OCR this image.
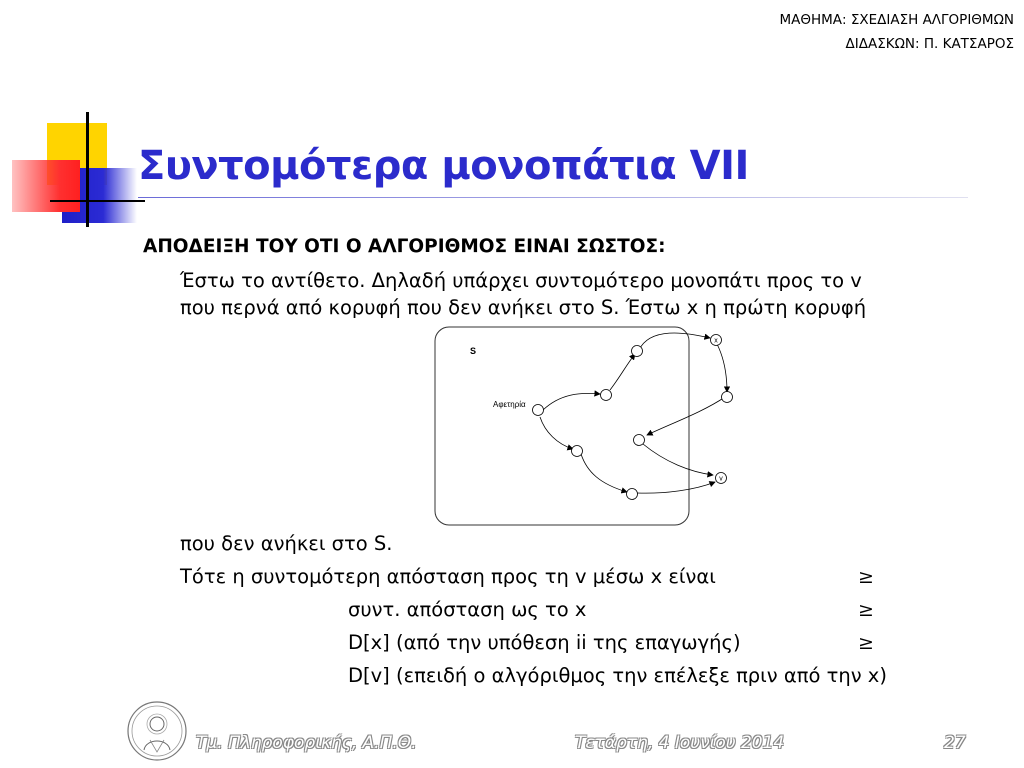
ΜΑΘΗΜΑ: ΣΧΕΔΙΑΣΗ ΑΛΓΟΡΙΘΜΩΝ
ΔΙΔΑΣΚΩΝ: Π. ΚΑΤΣΑΡΟΣ
Συντομότερα μονοπάτια VII
ΑΠΟΔΕΙΞΗ ΤΟΥ ΟΤΙ Ο ΑΛΓΟΡΙΘΜΟΣ ΕΙΝΑΙ ΣΩΣΤΟΣ:
Έστω το αντίθετο. Δηλαδή υπάρχει συντομότερο μονοπάτι προς το v
που περνά από κορυφή που δεν ανήκει στο S. Έστω x η πρώτη κορυφή
S
Αφετηρία
x
v
που δεν ανήκει στο S.
Τότε η συντομότερη απόσταση προς τη v μέσω x είναι	≥
συντ. απόσταση ως το x	≥
D[x] (από την υπόθεση ii της επαγωγής)	≥
D[v] (επειδή ο αλγόριθμος την επέλεξε πριν από την x)
Τμ. Πληροφορικής, Α.Π.Θ.	Τετάρτη, 4 Ιουνίου 2014	27
